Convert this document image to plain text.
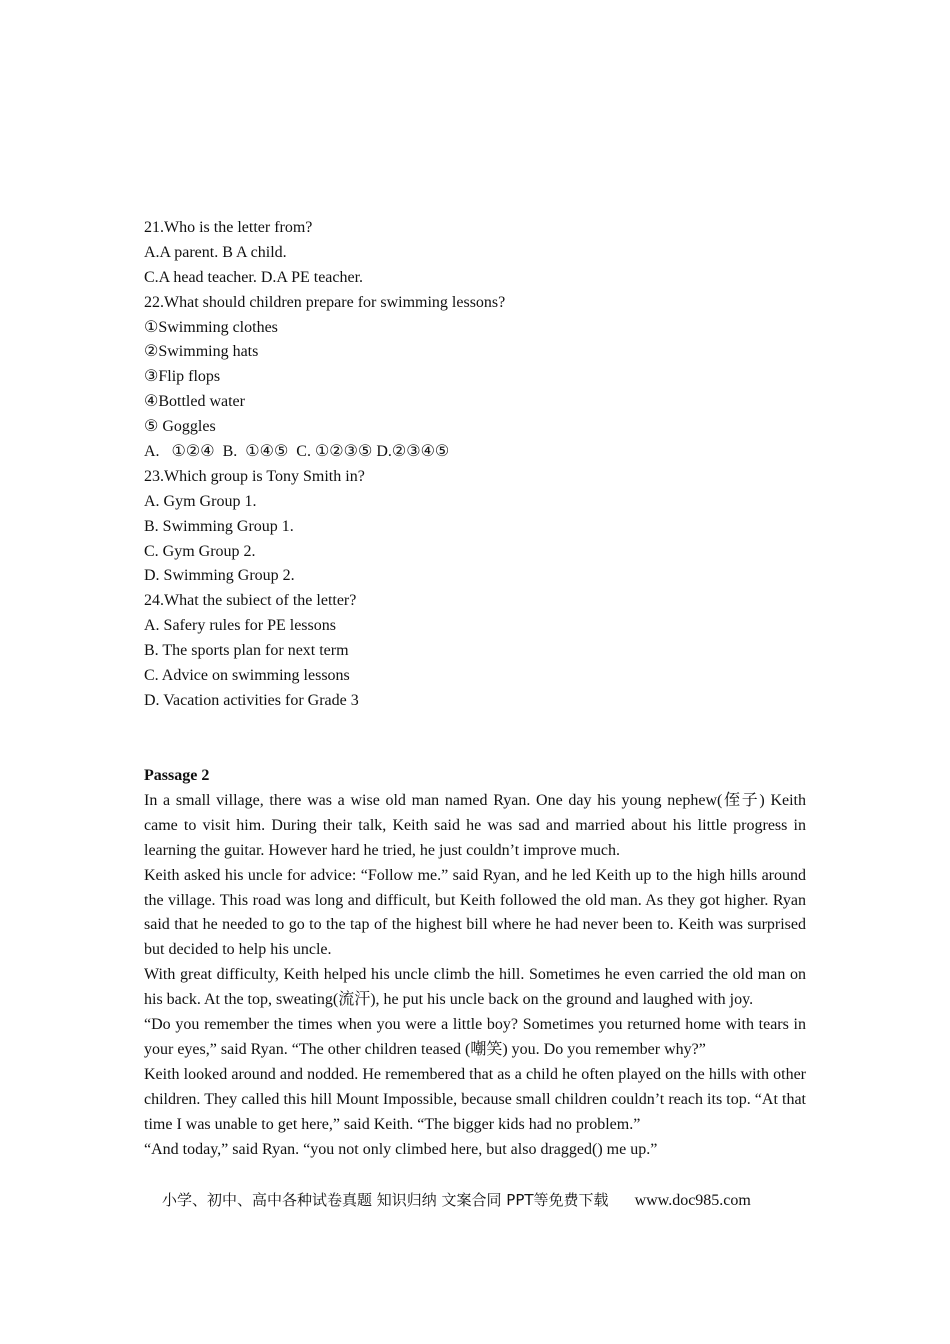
21.Who is the letter from?
A.A parent. B A child.
C.A head teacher. D.A PE teacher.
22.What should children prepare for swimming lessons?
①Swimming clothes
②Swimming hats
③Flip flops
④Bottled water
⑤ Goggles
A.   ①②④  B.  ①④⑤  C. ①②③⑤ D.②③④⑤
23.Which group is Tony Smith in?
A. Gym Group 1.
B. Swimming Group 1.
C. Gym Group 2.
D. Swimming Group 2.
24.What the subiect of the letter?
A. Safery rules for PE lessons
B. The sports plan for next term
C. Advice on swimming lessons
D. Vacation activities for Grade 3
Passage 2

In a small village, there was a wise old man named Ryan. One day his young nephew(侄子) Keith came to visit him. During their talk, Keith said he was sad and married about his little progress in learning the guitar. However hard he tried, he just couldn’t improve much.

Keith asked his uncle for advice: “Follow me.” said Ryan, and he led Keith up to the high hills around the village. This road was long and difficult, but Keith followed the old man. As they got higher. Ryan said that he needed to go to the tap of the highest bill where he had never been to. Keith was surprised but decided to help his uncle.

With great difficulty, Keith helped his uncle climb the hill. Sometimes he even carried the old man on his back. At the top, sweating(流汗), he put his uncle back on the ground and laughed with joy.

“Do you remember the times when you were a little boy? Sometimes you returned home with tears in your eyes,” said Ryan. “The other children teased (嘲笑) you. Do you remember why?”

Keith looked around and nodded. He remembered that as a child he often played on the hills with other children. They called this hill Mount Impossible, because small children couldn’t reach its top. “At that time I was unable to get here,” said Keith. “The bigger kids had no problem.”

“And today,” said Ryan. “you not only climbed here, but also dragged() me up.”

小学、初中、高中各种试卷真题 知识归纳 文案合同 PPT等免费下载 www.doc985.com
